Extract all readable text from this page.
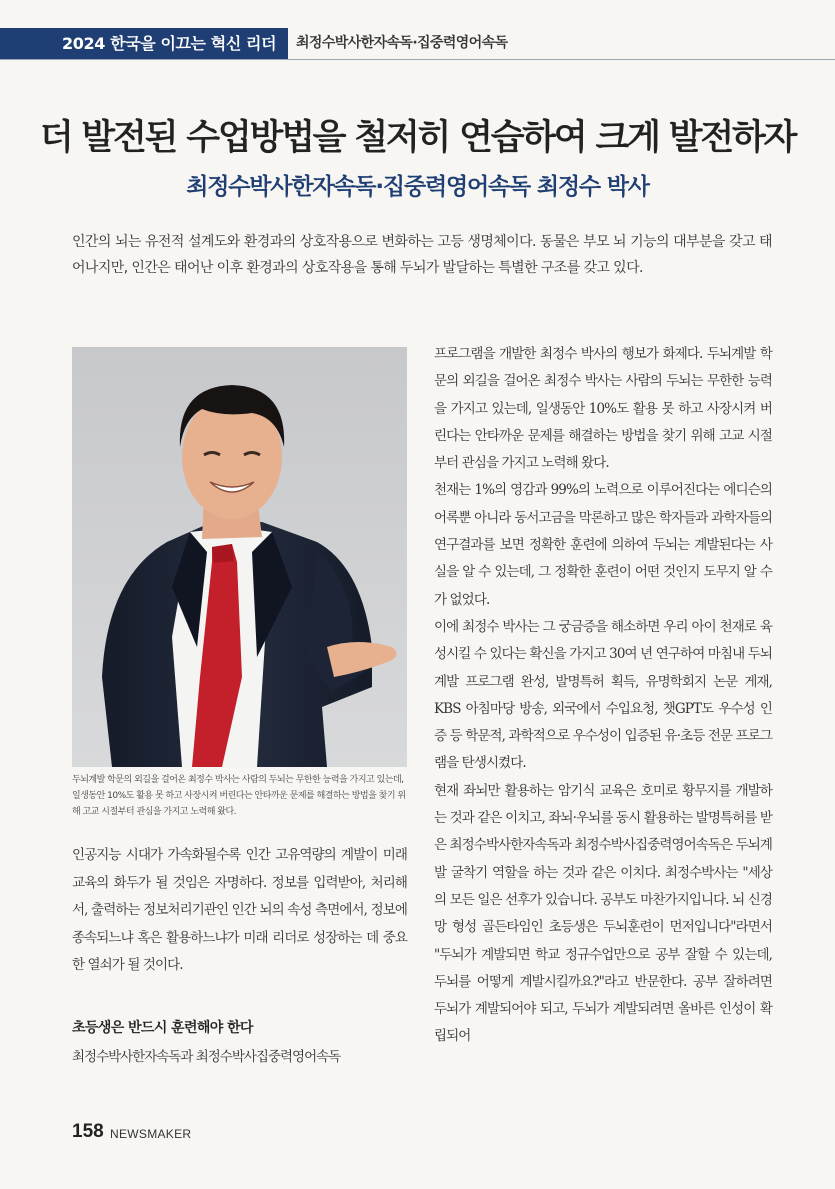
2024 한국을 이끄는 혁신 리더	최정수박사한자속독·집중력영어속독
더 발전된 수업방법을 철저히 연습하여 크게 발전하자
최정수박사한자속독·집중력영어속독 최정수 박사

인간의 뇌는 유전적 설계도와 환경과의 상호작용으로 변화하는 고등 생명체이다. 동물은 부모 뇌 기능의 대부분을 갖고 태어나지만, 인간은 태어난 이후 환경과의 상호작용을 통해 두뇌가 발달하는 특별한 구조를 갖고 있다.

두뇌계발 학문의 외길을 걸어온 최정수 박사는 사람의 두뇌는 무한한 능력을 가지고 있는데, 일생동안 10%도 활용 못 하고 사장시켜 버린다는 안타까운 문제를 해결하는 방법을 찾기 위해 고교 시절부터 관심을 가지고 노력해 왔다.

인공지능 시대가 가속화될수록 인간 고유역량의 계발이 미래교육의 화두가 될 것임은 자명하다. 정보를 입력받아, 처리해서, 출력하는 정보처리기관인 인간 뇌의 속성 측면에서, 정보에 종속되느냐 혹은 활용하느냐가 미래 리더로 성장하는 데 중요한 열쇠가 될 것이다.

초등생은 반드시 훈련해야 한다

최정수박사한자속독과 최정수박사집중력영어속독

프로그램을 개발한 최정수 박사의 행보가 화제다. 두뇌계발 학문의 외길을 걸어온 최정수 박사는 사람의 두뇌는 무한한 능력을 가지고 있는데, 일생동안 10%도 활용 못 하고 사장시켜 버린다는 안타까운 문제를 해결하는 방법을 찾기 위해 고교 시절부터 관심을 가지고 노력해 왔다.

천재는 1%의 영감과 99%의 노력으로 이루어진다는 에디슨의 어록뿐 아니라 동서고금을 막론하고 많은 학자들과 과학자들의 연구결과를 보면 정확한 훈련에 의하여 두뇌는 계발된다는 사실을 알 수 있는데, 그 정확한 훈련이 어떤 것인지 도무지 알 수가 없었다.

이에 최정수 박사는 그 궁금증을 해소하면 우리 아이 천재로 육성시킬 수 있다는 확신을 가지고 30여 년 연구하여 마침내 두뇌계발 프로그램 완성, 발명특허 획득, 유명학회지 논문 게재, KBS 아침마당 방송, 외국에서 수입요청, 챗GPT도 우수성 인증 등 학문적, 과학적으로 우수성이 입증된 유·초등 전문 프로그램을 탄생시켰다.

현재 좌뇌만 활용하는 암기식 교육은 호미로 황무지를 개발하는 것과 같은 이치고, 좌뇌·우뇌를 동시 활용하는 발명특허를 받은 최정수박사한자속독과 최정수박사집중력영어속독은 두뇌계발 굴착기 역할을 하는 것과 같은 이치다. 최정수박사는 "세상의 모든 일은 선후가 있습니다. 공부도 마찬가지입니다. 뇌 신경망 형성 골든타임인 초등생은 두뇌훈련이 먼저입니다"라면서 "두뇌가 계발되면 학교 정규수업만으로 공부 잘할 수 있는데, 두뇌를 어떻게 계발시킬까요?"라고 반문한다. 공부 잘하려면 두뇌가 계발되어야 되고, 두뇌가 계발되려면 올바른 인성이 확립되어

158 NEWSMAKER
